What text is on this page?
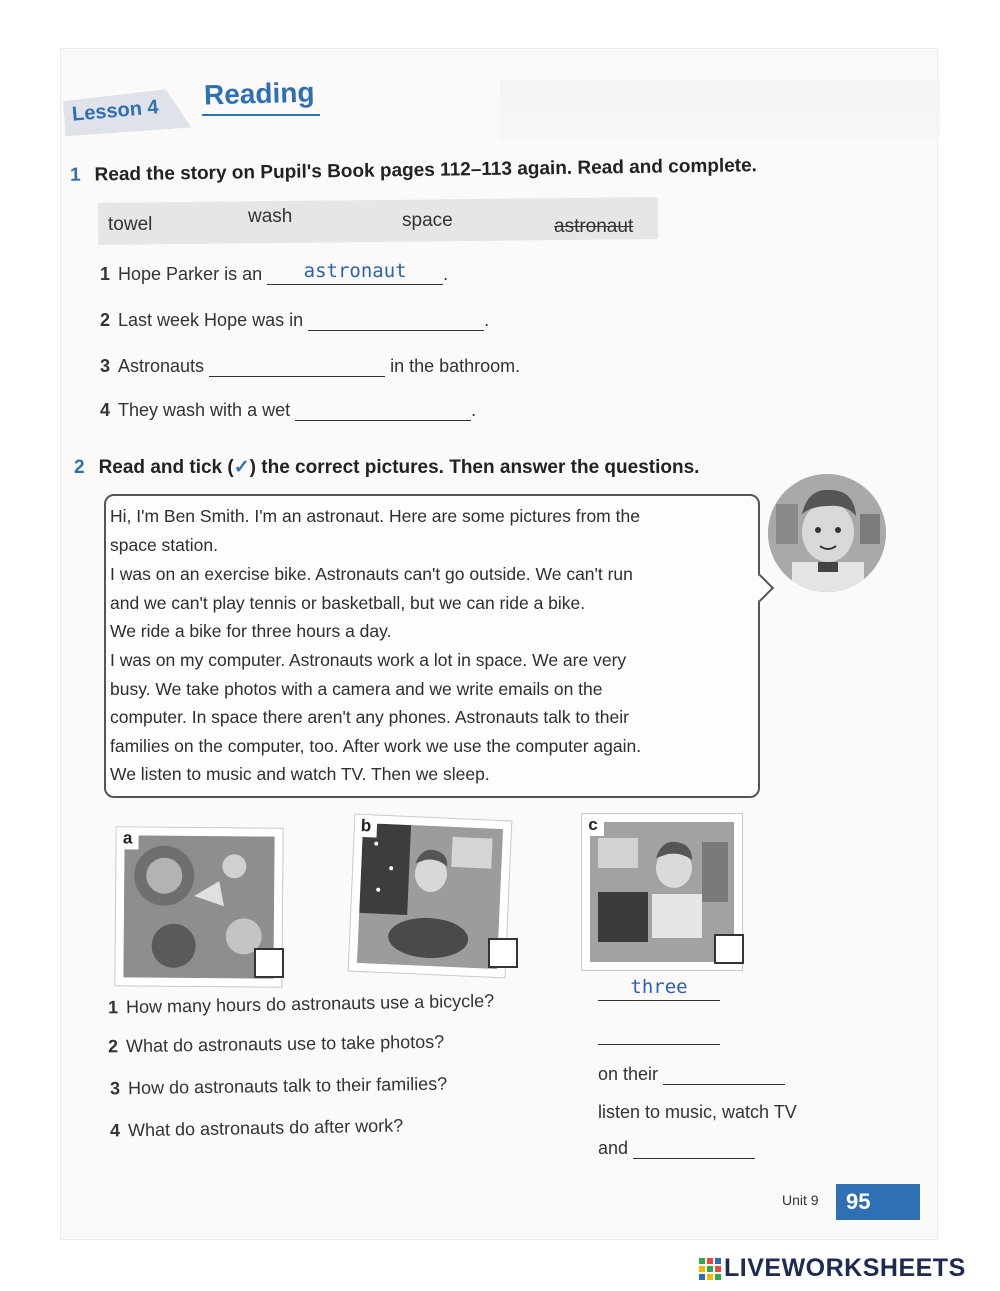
Lesson 4
Reading
1 Read the story on Pupil's Book pages 112–113 again. Read and complete.
towel	wash	space	astronaut
1 Hope Parker is an astronaut .
2 Last week Hope was in	.
3 Astronauts	in the bathroom.
4 They wash with a wet	.
2 Read and tick (✓) the correct pictures. Then answer the questions.
Hi, I'm Ben Smith. I'm an astronaut. Here are some pictures from the
space station.
I was on an exercise bike. Astronauts can't go outside. We can't run
and we can't play tennis or basketball, but we can ride a bike.
We ride a bike for three hours a day.
I was on my computer. Astronauts work a lot in space. We are very
busy. We take photos with a camera and we write emails on the
computer. In space there aren't any phones. Astronauts talk to their
families on the computer, too. After work we use the computer again.
We listen to music and watch TV. Then we sleep.
a
b	c
1 How many hours do astronauts use a bicycle?
three
2 What do astronauts use to take photos?
3 How do astronauts talk to their families?	on their
4 What do astronauts do after work?
listen to music, watch TV
and
Unit 9	95
LIVEWORKSHEETS
